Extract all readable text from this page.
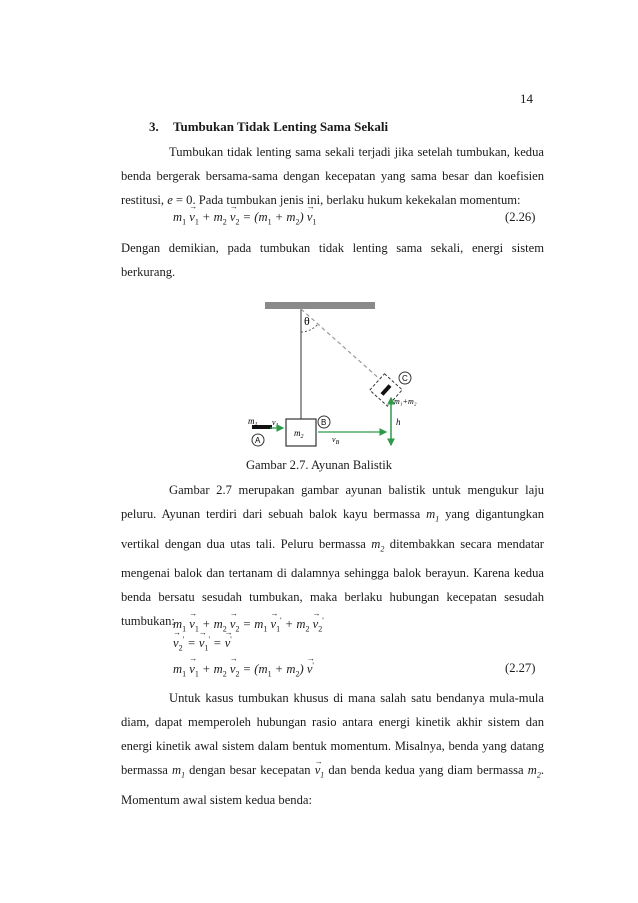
14
3. Tumbukan Tidak Lenting Sama Sekali
Tumbukan tidak lenting sama sekali terjadi jika setelah tumbukan, kedua benda bergerak bersama-sama dengan kecepatan yang sama besar dan koefisien restitusi, e = 0. Pada tumbukan jenis ini, berlaku hukum kekekalan momentum:
$m_1 \to v_1 + m_2 \to v_2 = (m_1 + m_2) \to v_1$	(2.26)
Dengan demikian, pada tumbukan tidak lenting sama sekali, energi sistem berkurang.
θ
$m_2$
C
m₁+m₂
$m_1$ $v_1$
A
B
$v_B$
h
Gambar 2.7. Ayunan Balistik
Gambar 2.7 merupakan gambar ayunan balistik untuk mengukur laju peluru. Ayunan terdiri dari sebuah balok kayu bermassa $m_1$ yang digantungkan vertikal dengan dua utas tali. Peluru bermassa $m_2$ ditembakkan secara mendatar mengenai balok dan tertanam di dalamnya sehingga balok berayun. Karena kedua benda bersatu sesudah tumbukan, maka berlaku hubungan kecepatan sesudah tumbukan:
$m_1 \to v_1 + m_2 \to v_2 = m_1 \to v_1' + m_2 \to v_2'$
→ $v_2'$ = → $v_1'$ = → v'
$m_1 \to v_1 + m_2 \to v_2 = (m_1 + m_2) \to v'$	(2.27)
Untuk kasus tumbukan khusus di mana salah satu bendanya mula-mula diam, dapat memperoleh hubungan rasio antara energi kinetik akhir sistem dan energi kinetik awal sistem dalam bentuk momentum. Misalnya, benda yang datang bermassa $m_1$ dengan besar kecepatan → $v_1$ dan benda kedua yang diam bermassa $m_2$. Momentum awal sistem kedua benda:
